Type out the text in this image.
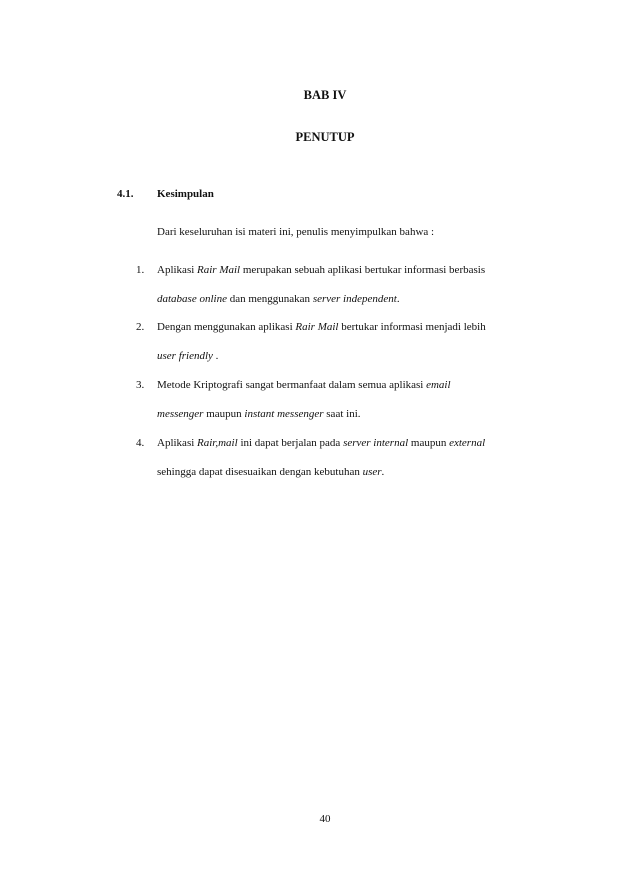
BAB IV
PENUTUP
4.1. Kesimpulan
Dari keseluruhan isi materi ini, penulis menyimpulkan bahwa :
1. Aplikasi Rair Mail merupakan sebuah aplikasi bertukar informasi berbasis
database online dan menggunakan server independent.
2. Dengan menggunakan aplikasi Rair Mail bertukar informasi menjadi lebih
user friendly .
3. Metode Kriptografi sangat bermanfaat dalam semua aplikasi email
messenger maupun instant messenger saat ini.
4. Aplikasi Rair,mail ini dapat berjalan pada server internal maupun external
sehingga dapat disesuaikan dengan kebutuhan user.
40
